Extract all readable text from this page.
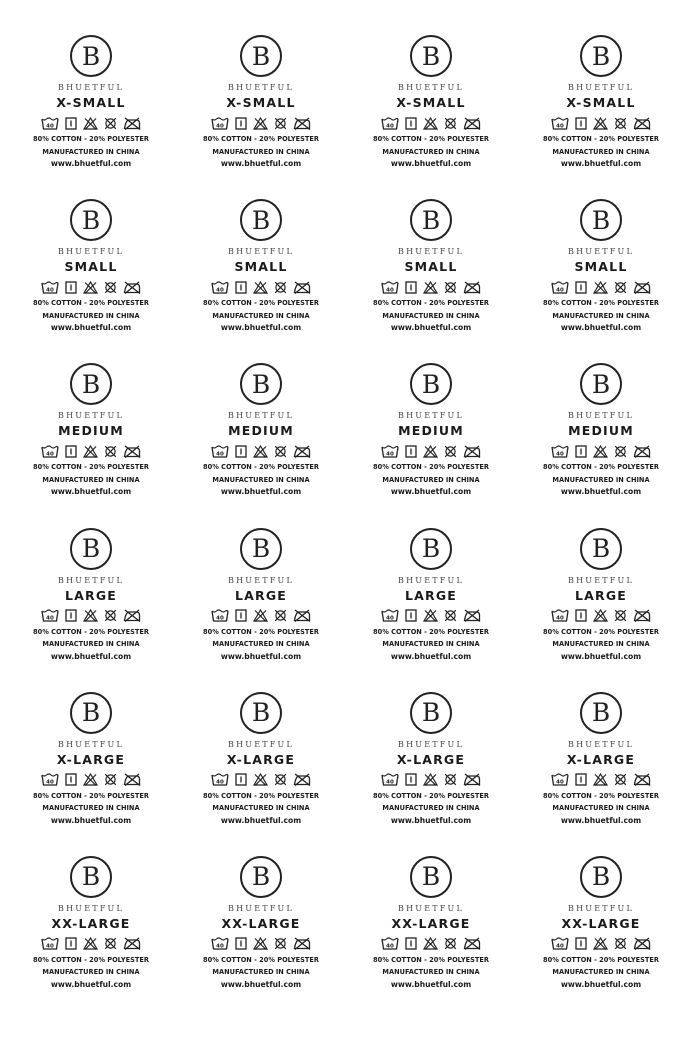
B
BHUETFUL
X-SMALL
40
80% COTTON - 20% POLYESTER
MANUFACTURED IN CHINA
www.bhuetful.com
B
BHUETFUL
X-SMALL
40
80% COTTON - 20% POLYESTER
MANUFACTURED IN CHINA
www.bhuetful.com
B
BHUETFUL
X-SMALL
40
80% COTTON - 20% POLYESTER
MANUFACTURED IN CHINA
www.bhuetful.com
B
BHUETFUL
X-SMALL
40
80% COTTON - 20% POLYESTER
MANUFACTURED IN CHINA
www.bhuetful.com
B
BHUETFUL
SMALL
40
80% COTTON - 20% POLYESTER
MANUFACTURED IN CHINA
www.bhuetful.com
B
BHUETFUL
SMALL
40
80% COTTON - 20% POLYESTER
MANUFACTURED IN CHINA
www.bhuetful.com
B
BHUETFUL
SMALL
40
80% COTTON - 20% POLYESTER
MANUFACTURED IN CHINA
www.bhuetful.com
B
BHUETFUL
SMALL
40
80% COTTON - 20% POLYESTER
MANUFACTURED IN CHINA
www.bhuetful.com
B
BHUETFUL
MEDIUM
40
80% COTTON - 20% POLYESTER
MANUFACTURED IN CHINA
www.bhuetful.com
B
BHUETFUL
MEDIUM
40
80% COTTON - 20% POLYESTER
MANUFACTURED IN CHINA
www.bhuetful.com
B
BHUETFUL
MEDIUM
40
80% COTTON - 20% POLYESTER
MANUFACTURED IN CHINA
www.bhuetful.com
B
BHUETFUL
MEDIUM
40
80% COTTON - 20% POLYESTER
MANUFACTURED IN CHINA
www.bhuetful.com
B
BHUETFUL
LARGE
40
80% COTTON - 20% POLYESTER
MANUFACTURED IN CHINA
www.bhuetful.com
B
BHUETFUL
LARGE
40
80% COTTON - 20% POLYESTER
MANUFACTURED IN CHINA
www.bhuetful.com
B
BHUETFUL
LARGE
40
80% COTTON - 20% POLYESTER
MANUFACTURED IN CHINA
www.bhuetful.com
B
BHUETFUL
LARGE
40
80% COTTON - 20% POLYESTER
MANUFACTURED IN CHINA
www.bhuetful.com
B
BHUETFUL
X-LARGE
40
80% COTTON - 20% POLYESTER
MANUFACTURED IN CHINA
www.bhuetful.com
B
BHUETFUL
X-LARGE
40
80% COTTON - 20% POLYESTER
MANUFACTURED IN CHINA
www.bhuetful.com
B
BHUETFUL
X-LARGE
40
80% COTTON - 20% POLYESTER
MANUFACTURED IN CHINA
www.bhuetful.com
B
BHUETFUL
X-LARGE
40
80% COTTON - 20% POLYESTER
MANUFACTURED IN CHINA
www.bhuetful.com
B
BHUETFUL
XX-LARGE
40
80% COTTON - 20% POLYESTER
MANUFACTURED IN CHINA
www.bhuetful.com
B
BHUETFUL
XX-LARGE
40
80% COTTON - 20% POLYESTER
MANUFACTURED IN CHINA
www.bhuetful.com
B
BHUETFUL
XX-LARGE
40
80% COTTON - 20% POLYESTER
MANUFACTURED IN CHINA
www.bhuetful.com
B
BHUETFUL
XX-LARGE
40
80% COTTON - 20% POLYESTER
MANUFACTURED IN CHINA
www.bhuetful.com
